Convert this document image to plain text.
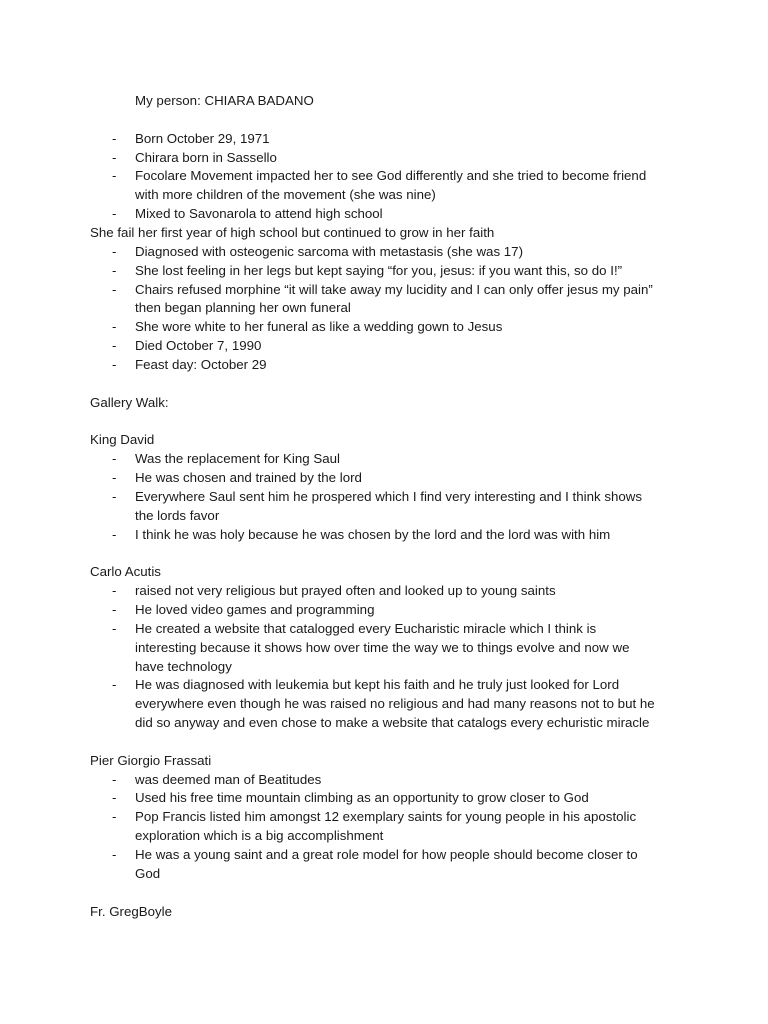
My person: CHIARA BADANO
- Born October 29, 1971
- Chirara born in Sassello
- Focolare Movement impacted her to see God differently and she tried to become friend
with more children of the movement (she was nine)
- Mixed to Savonarola to attend high school
She fail her first year of high school but continued to grow in her faith
- Diagnosed with osteogenic sarcoma with metastasis (she was 17)
- She lost feeling in her legs but kept saying “for you, jesus: if you want this, so do I!”
- Chairs refused morphine “it will take away my lucidity and I can only offer jesus my pain”
then began planning her own funeral
- She wore white to her funeral as like a wedding gown to Jesus
- Died October 7, 1990
- Feast day: October 29
Gallery Walk:
King David
- Was the replacement for King Saul
- He was chosen and trained by the lord
- Everywhere Saul sent him he prospered which I find very interesting and I think shows
the lords favor
- I think he was holy because he was chosen by the lord and the lord was with him
Carlo Acutis
- raised not very religious but prayed often and looked up to young saints
- He loved video games and programming
- He created a website that catalogged every Eucharistic miracle which I think is
interesting because it shows how over time the way we to things evolve and now we
have technology
- He was diagnosed with leukemia but kept his faith and he truly just looked for Lord
everywhere even though he was raised no religious and had many reasons not to but he
did so anyway and even chose to make a website that catalogs every echuristic miracle
Pier Giorgio Frassati
- was deemed man of Beatitudes
- Used his free time mountain climbing as an opportunity to grow closer to God
- Pop Francis listed him amongst 12 exemplary saints for young people in his apostolic
exploration which is a big accomplishment
- He was a young saint and a great role model for how people should become closer to
God
Fr. GregBoyle
